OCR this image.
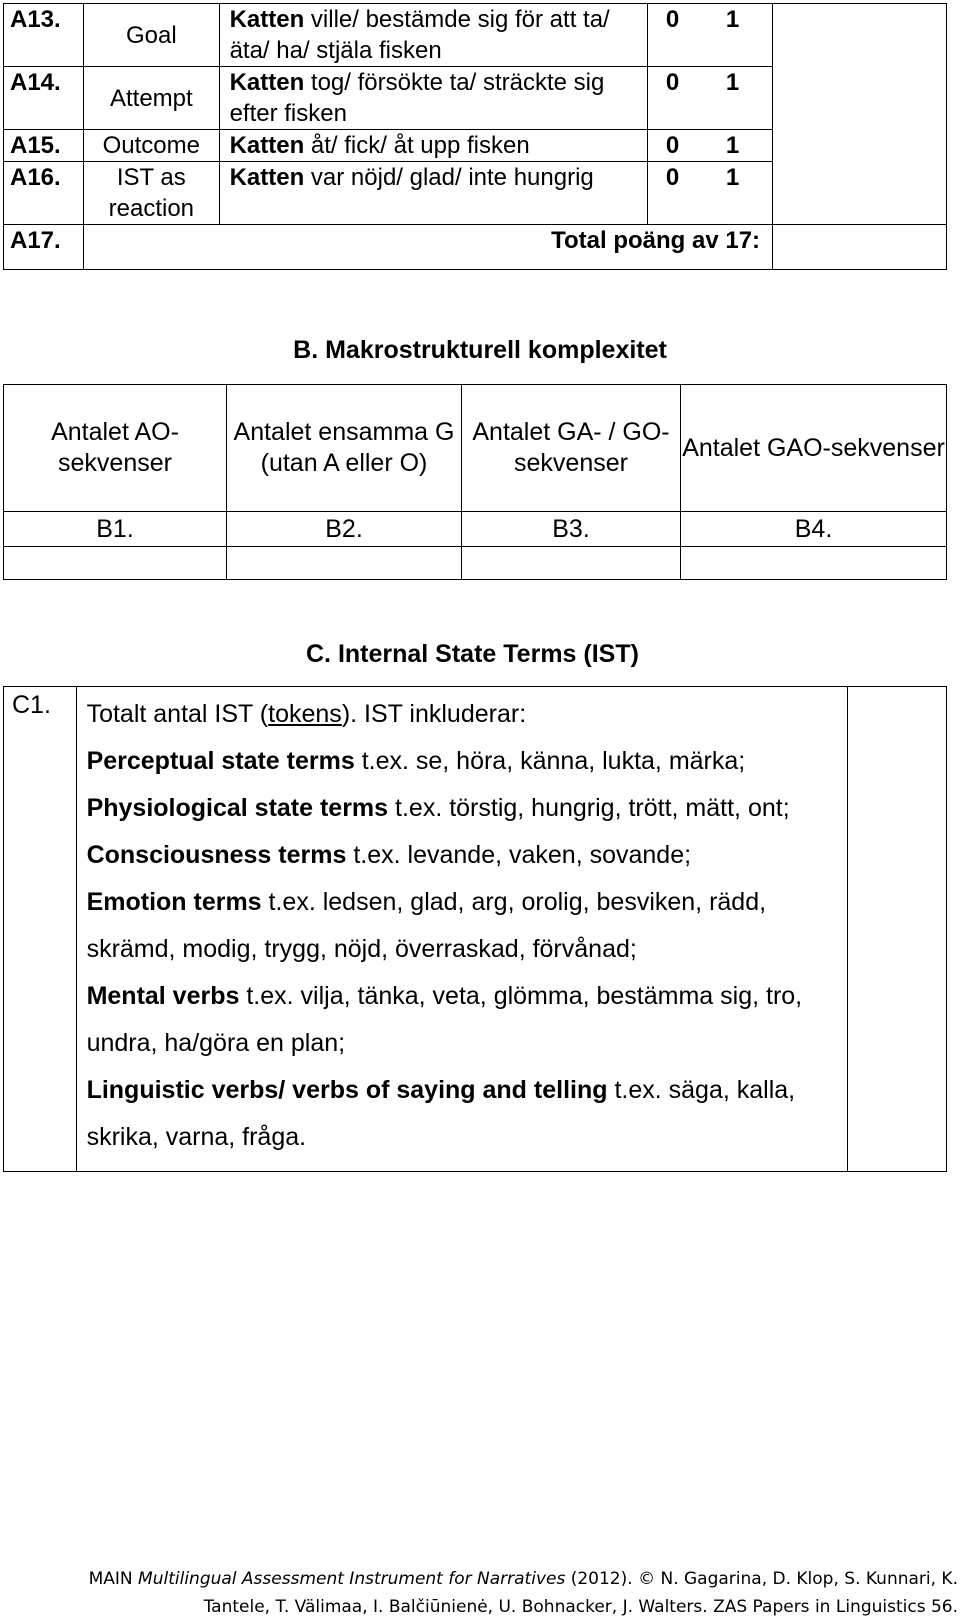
A13.	Goal	Katten ville/ bestämde sig för att ta/ äta/ ha/ stjäla fisken	0 1	
A14.	Attempt	Katten tog/ försökte ta/ sträckte sig efter fisken	0 1	
A15.	Outcome	Katten åt/ fick/ åt upp fisken	0 1	
A16.	IST as reaction	Katten var nöjd/ glad/ inte hungrig	0 1	
A17.	Total poäng av 17:			
B. Makrostrukturell komplexitet
Antalet AO-sekvenser	Antalet ensamma G (utan A eller O)	Antalet GA- / GO-sekvenser	Antalet GAO-sekvenser
B1.	B2.	B3.	B4.

C. Internal State Terms (IST)
C1.	Totalt antal IST (tokens). IST inkluderar:

Perceptual state terms t.ex. se, höra, känna, lukta, märka;

Physiological state terms t.ex. törstig, hungrig, trött, mätt, ont;

Consciousness terms t.ex. levande, vaken, sovande;

Emotion terms t.ex. ledsen, glad, arg, orolig, besviken, rädd, skrämd, modig, trygg, nöjd, överraskad, förvånad;

Mental verbs t.ex. vilja, tänka, veta, glömma, bestämma sig, tro, undra, ha/göra en plan;

Linguistic verbs/ verbs of saying and telling t.ex. säga, kalla, skrika, varna, fråga.

MAIN Multilingual Assessment Instrument for Narratives (2012). © N. Gagarina, D. Klop, S. Kunnari, K.
Tantele, T. Välimaa, I. Balčiūnienė, U. Bohnacker, J. Walters. ZAS Papers in Linguistics 56.
